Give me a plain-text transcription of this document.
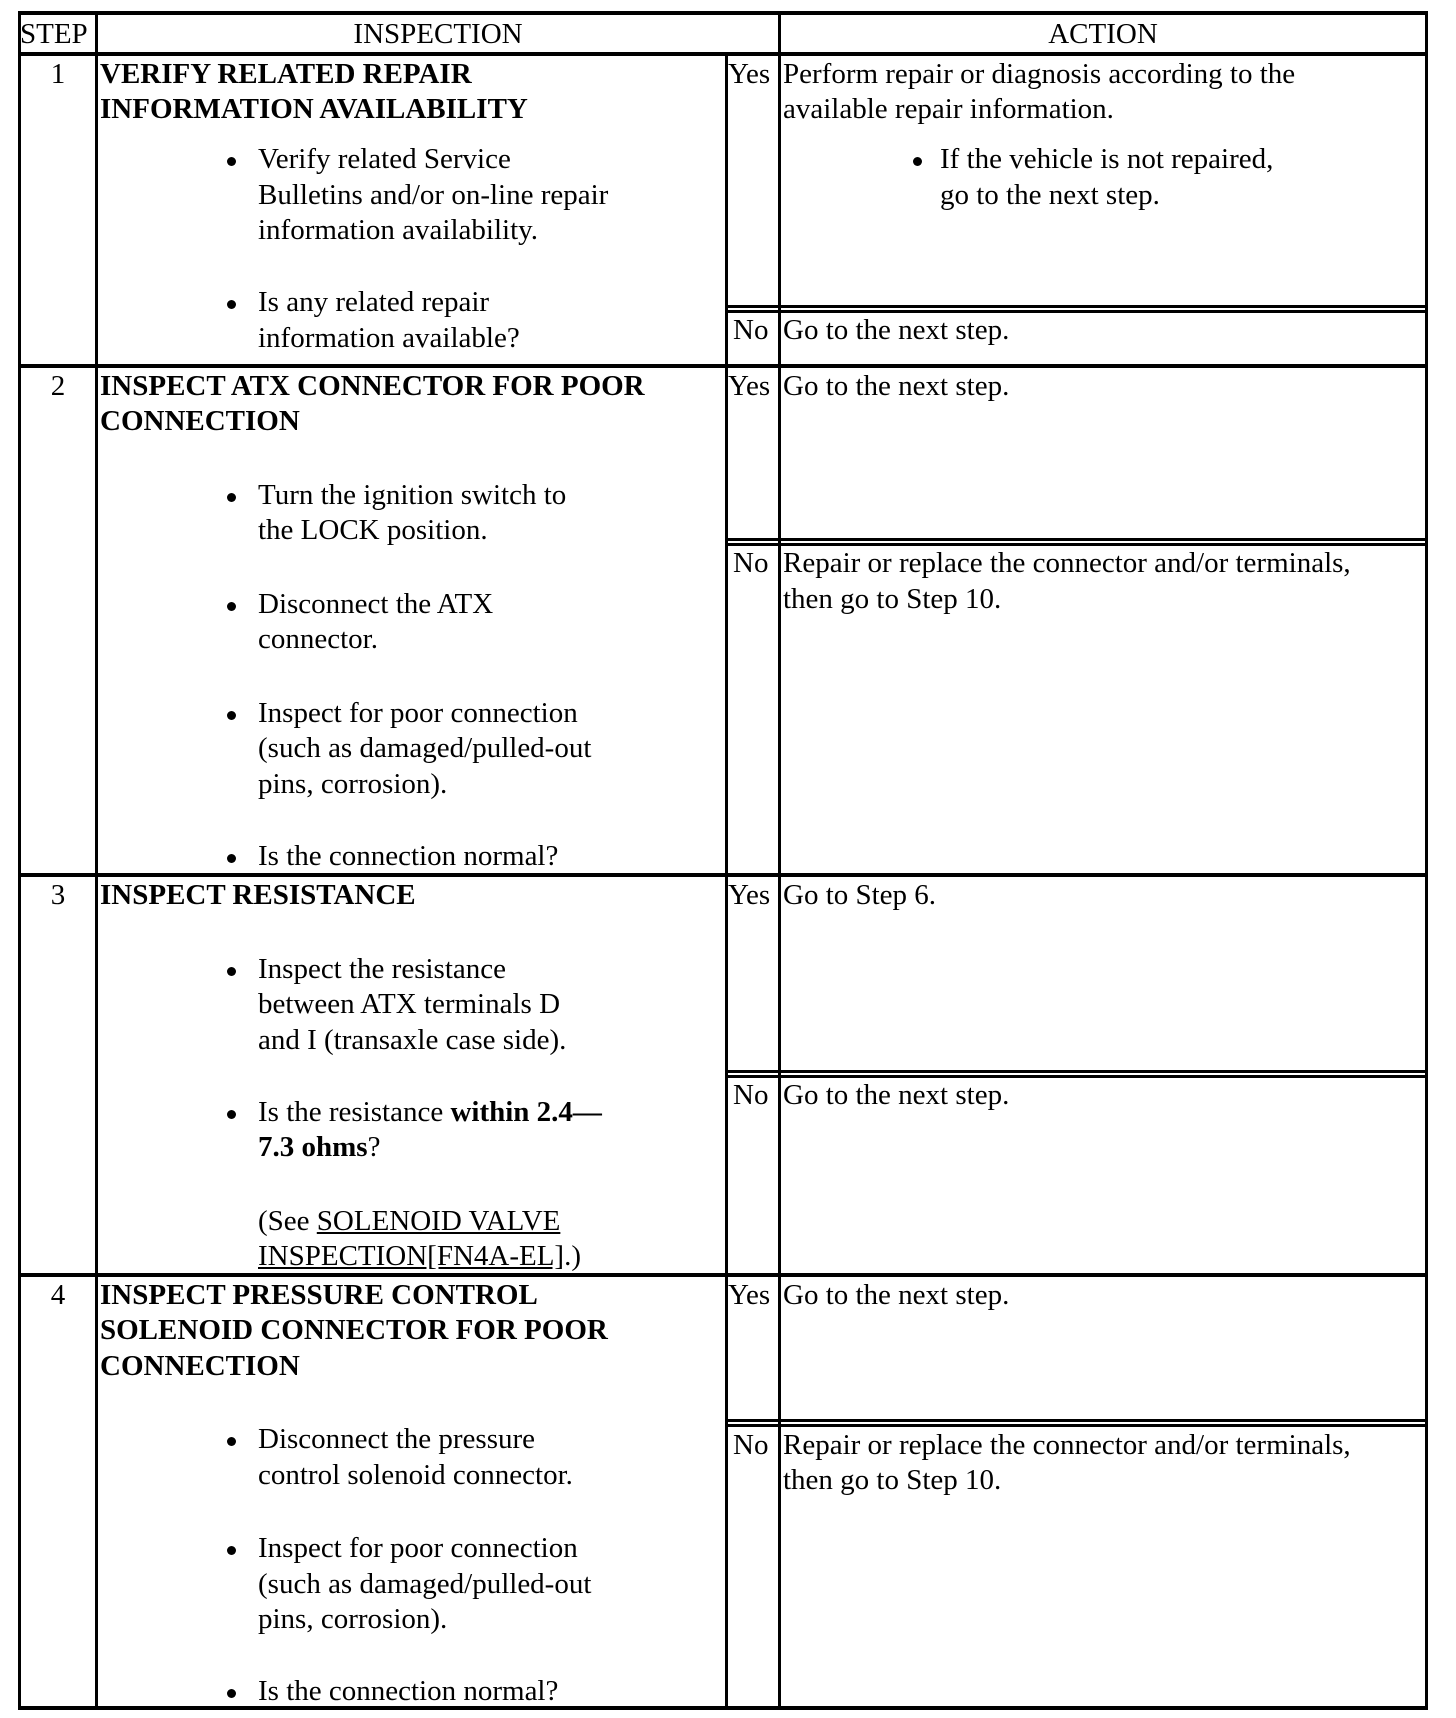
STEP	INSPECTION	ACTION
1	VERIFY RELATED REPAIR
INFORMATION AVAILABILITY
Verify related Service
Bulletins and/or on-line repair
information availability.
Is any related repair
information available?
Yes Perform repair or diagnosis according to the
available repair information.
If the vehicle is not repaired,
go to the next step.
No Go to the next step.
2	INSPECT ATX CONNECTOR FOR POOR
CONNECTION
Turn the ignition switch to
the LOCK position.
Disconnect the ATX
connector.
Inspect for poor connection
(such as damaged/pulled-out
pins, corrosion).
Is the connection normal?
Yes Go to the next step.
No Repair or replace the connector and/or terminals,
then go to Step 10.
3	INSPECT RESISTANCE
Inspect the resistance
between ATX terminals D
and I (transaxle case side).
Is the resistance within 2.4—
7.3 ohms?
(See SOLENOID VALVE
INSPECTION[FN4A-EL].)
Yes Go to Step 6.
No Go to the next step.
4	INSPECT PRESSURE CONTROL
SOLENOID CONNECTOR FOR POOR
CONNECTION
Disconnect the pressure
control solenoid connector.
Inspect for poor connection
(such as damaged/pulled-out
pins, corrosion).
Is the connection normal?
Yes Go to the next step.
No Repair or replace the connector and/or terminals,
then go to Step 10.
